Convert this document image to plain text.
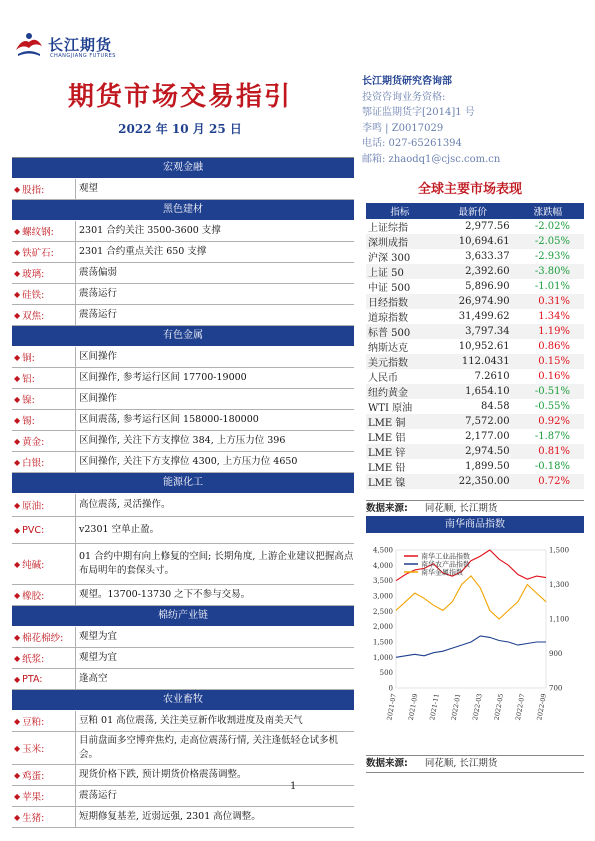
长江期货
CHANGJIANG FUTURES
期货市场交易指引
2022 年 10 月 25 日
长江期货研究咨询部
投资咨询业务资格:
鄂证监期货字[2014]1 号
李鸣 | Z0017029
电话: 027-65261394
邮箱: zhaodq1@cjsc.com.cn
宏观金融
◆ 股指:	观望
黑色建材
◆ 螺纹钢:	2301 合约关注 3500-3600 支撑
◆ 铁矿石:	2301 合约重点关注 650 支撑
◆ 玻璃:	震荡偏弱
◆ 硅铁:	震荡运行
◆ 双焦:	震荡运行
有色金属
◆ 铜:	区间操作
◆ 铝:	区间操作, 参考运行区间 17700-19000
◆ 镍:	区间操作
◆ 锡:	区间震荡, 参考运行区间 158000-180000
◆ 黄金:	区间操作, 关注下方支撑位 384, 上方压力位 396
◆ 白银:	区间操作, 关注下方支撑位 4300, 上方压力位 4650
能源化工
◆ 原油:	高位震荡, 灵活操作。
◆ PVC:	v2301 空单止盈。
◆ 纯碱:
01 合约中期有向上修复的空间; 长期角度, 上游企业建议把握高点布局明年的套保头寸。
◆ 橡胶:	观望。13700-13730 之下不参与交易。
棉纺产业链
◆ 棉花棉纱:	观望为宜
◆ 纸浆:	观望为宜
◆ PTA:	逢高空
农业畜牧
◆ 豆粕:	豆粕 01 高位震荡, 关注美豆新作收割进度及南美天气
◆ 玉米:
目前盘面多空博弈焦灼, 走高位震荡行情, 关注逢低轻仓试多机会。
◆ 鸡蛋:	现货价格下跌, 预计期货价格震荡调整。
◆ 苹果:	震荡运行
◆ 生猪:	短期修复基差, 近弱远强, 2301 高位调整。
全球主要市场表现
指标	最新价	涨跌幅
上证综指	2,977.56	-2.02%
深圳成指	10,694.61	-2.05%
沪深 300	3,633.37	-2.93%
上证 50	2,392.60	-3.80%
中证 500	5,896.90	-1.01%
日经指数	26,974.90	0.31%
道琼指数	31,499.62	1.34%
标普 500	3,797.34	1.19%
纳斯达克	10,952.61	0.86%
美元指数	112.0431	0.15%
人民币	7.2610	0.16%
纽约黄金	1,654.10	-0.51%
WTI 原油	84.58	-0.55%
LME 铜	7,572.00	0.92%
LME 铝	2,177.00	-1.87%
LME 锌	2,974.50	0.81%
LME 铅	1,899.50	-0.18%
LME 镍	22,350.00	0.72%
数据来源: 同花顺, 长江期货
南华商品指数
0
500
1,000
1,500
2,000
2,500
3,000
3,500
4,000
4,500
700
900
1,100
1,300
1,500
2021-07 2021-09 2021-11 2022-01 2022-03 2022-05 2022-07 2022-09
南华工业品指数
南华农产品指数
南华金属指数
数据来源: 同花顺, 长江期货
1
